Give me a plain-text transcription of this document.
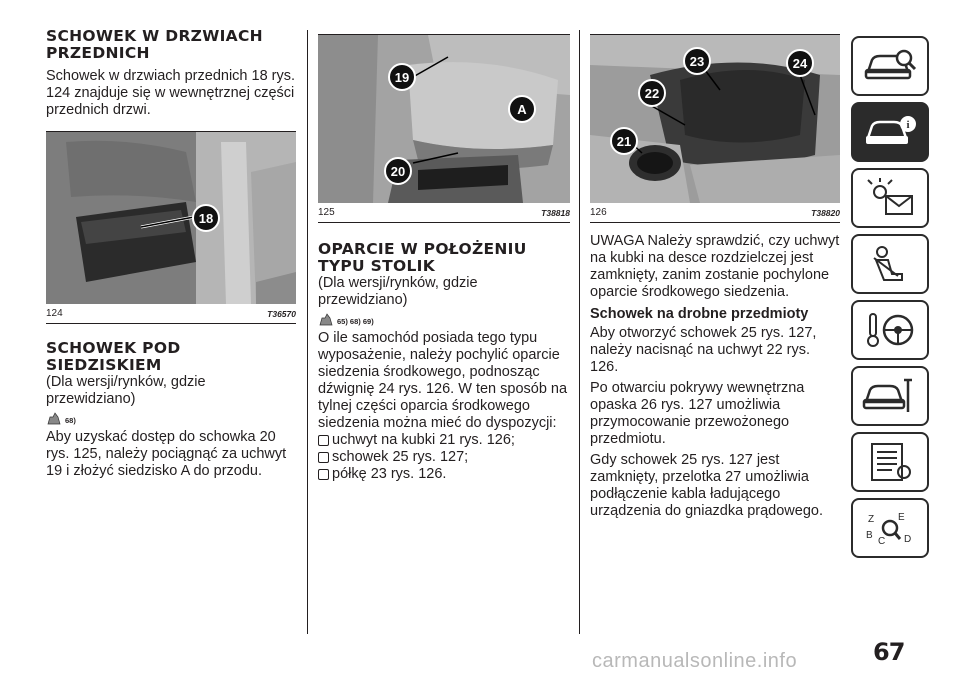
SCHOWEK W DRZWIACH
PRZEDNICH

Schowek w drzwiach przednich 18 rys. 124 znajduje się w wewnętrznej części przednich drzwi.

18
124	T36570
SCHOWEK POD
SIEDZISKIEM

(Dla wersji/rynków, gdzie przewidziano)

68)

Aby uzyskać dostęp do schowka 20 rys. 125, należy pociągnąć za uchwyt 19 i złożyć siedzisko A do przodu.

19
A
20
125	T38818
OPARCIE W POŁOŻENIU
TYPU STOLIK

(Dla wersji/rynków, gdzie przewidziano)

65) 68) 69)

O ile samochód posiada tego typu wyposażenie, należy pochylić oparcie siedzenia środkowego, podnosząc dźwignię 24 rys. 126. W ten sposób na tylnej części oparcia środkowego siedzenia można mieć do dyspozycji:

uchwyt na kubki 21 rys. 126;
schowek 25 rys. 127;
półkę 23 rys. 126.
23	24
22
21
126	T38820

UWAGA Należy sprawdzić, czy uchwyt na kubki na desce rozdzielczej jest zamknięty, zanim zostanie pochylone oparcie środkowego siedzenia.

Schowek na drobne przedmioty

Aby otworzyć schowek 25 rys. 127, należy nacisnąć na uchwyt 22 rys. 126.

Po otwarciu pokrywy wewnętrzna opaska 26 rys. 127 umożliwia przymocowanie przewożonego przedmiotu.

Gdy schowek 25 rys. 127 jest zamknięty, przelotka 27 umożliwia podłączenie kabla ładującego urządzenia do gniazdka prądowego.

i
Z E
B
C D
67
carmanualsonline.info
